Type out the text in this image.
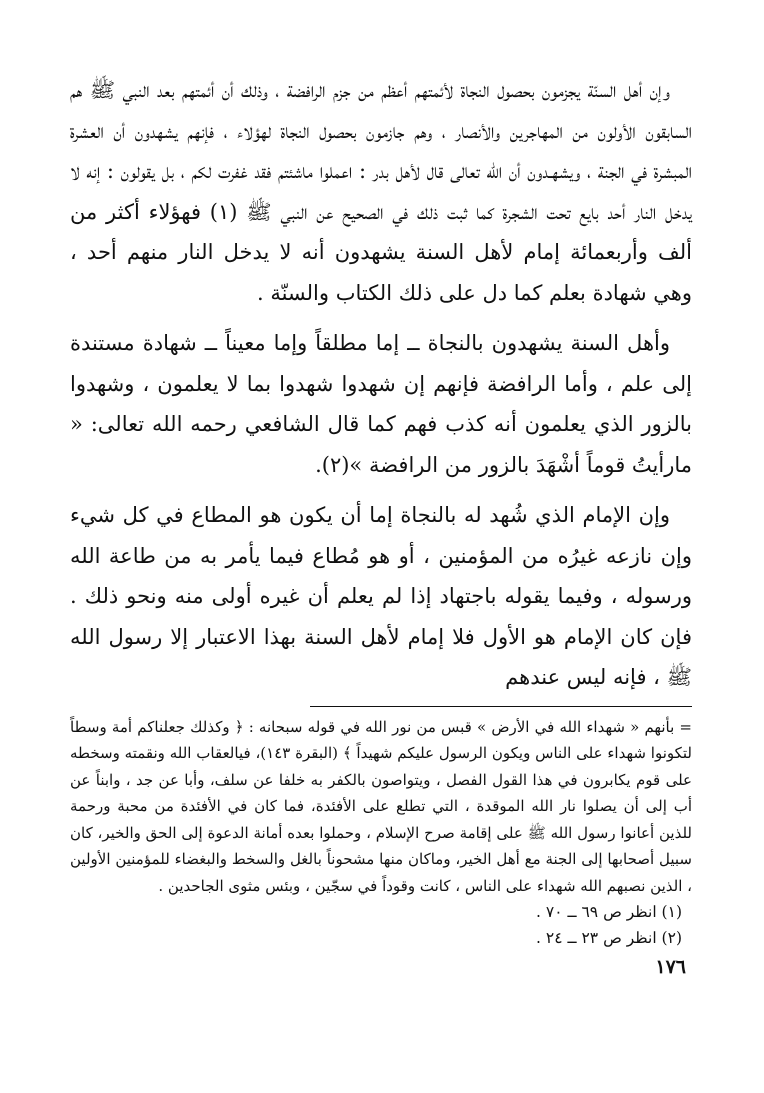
وإن أهل السنّة يجزمون بحصول النجاة لأئمتهم أعظم من جزم الرافضة ، وذلك أن أئمتهم بعد النبي ﷺ هم السابقون الأولون من المهاجرين والأنصار ، وهم جازمون بحصول النجاة لهؤلاء ، فإنهم يشهدون أن العشرة المبشرة في الجنة ، ويشهـدون أن الله تعالى قال لأهل بدر : اعملوا ماشئتم فقد غفرت لكم ، بل يقولون : إنه لا يدخل النار أحد بايع تحت الشجرة كما ثبت ذلك في الصحيح عن النبي ﷺ (١) فهؤلاء أكثر من ألف وأربعمائة إمام لأهل السنة يشهدون أنه لا يدخل النار منهم أحد ، وهي شهادة بعلم كما دل على ذلك الكتاب والسنّة .

وأهل السنة يشهدون بالنجاة ــ إما مطلقاً وإما معيناً ــ شهادة مستندة إلى علم ، وأما الرافضة فإنهم إن شهدوا شهدوا بما لا يعلمون ، وشهدوا بالزور الذي يعلمون أنه كذب فهم كما قال الشافعي رحمه الله تعالى: « مارأيتُ قوماً أشْهَدَ بالزور من الرافضة »(٢).

وإن الإمام الذي شُهد له بالنجاة إما أن يكون هو المطاع في كل شيء وإن نازعه غيرُه من المؤمنين ، أو هو مُطاع فيما يأمر به من طاعة الله ورسوله ، وفيما يقوله باجتهاد إذا لم يعلم أن غيره أولى منه ونحو ذلك . فإن كان الإمام هو الأول فلا إمام لأهل السنة بهذا الاعتبار إلا رسول الله ﷺ ، فإنه ليس عندهم

= بأنهم « شهداء الله في الأرض » قبس من نور الله في قوله سبحانه : ﴿ وكذلك جعلناكم أمة وسطاً لتكونوا شهداء على الناس ويكون الرسول عليكم شهيداً ﴾ (البقرة ١٤٣)، فيالعقاب الله ونقمته وسخطه على قوم يكابرون في هذا القول الفصل ، ويتواصون بالكفر به خلفا عن سلف، وأبا عن جد ، وابناً عن أب إلى أن يصلوا نار الله الموقدة ، التي تطلع على الأفئدة، فما كان في الأفئدة من محبة ورحمة للذين أعانوا رسول الله ﷺ على إقامة صرح الإسلام ، وحملوا بعده أمانة الدعوة إلى الحق والخير، كان سبيل أصحابها إلى الجنة مع أهل الخير، وماكان منها مشحوناً بالغل والسخط والبغضاء للمؤمنين الأولين ، الذين نصبهم الله شهداء على الناس ، كانت وقوداً في سجّين ، وبئس مثوى الجاحدين .

(١) انظر ص ٦٩ ــ ٧٠ .

(٢) انظر ص ٢٣ ــ ٢٤ .

١٧٦
